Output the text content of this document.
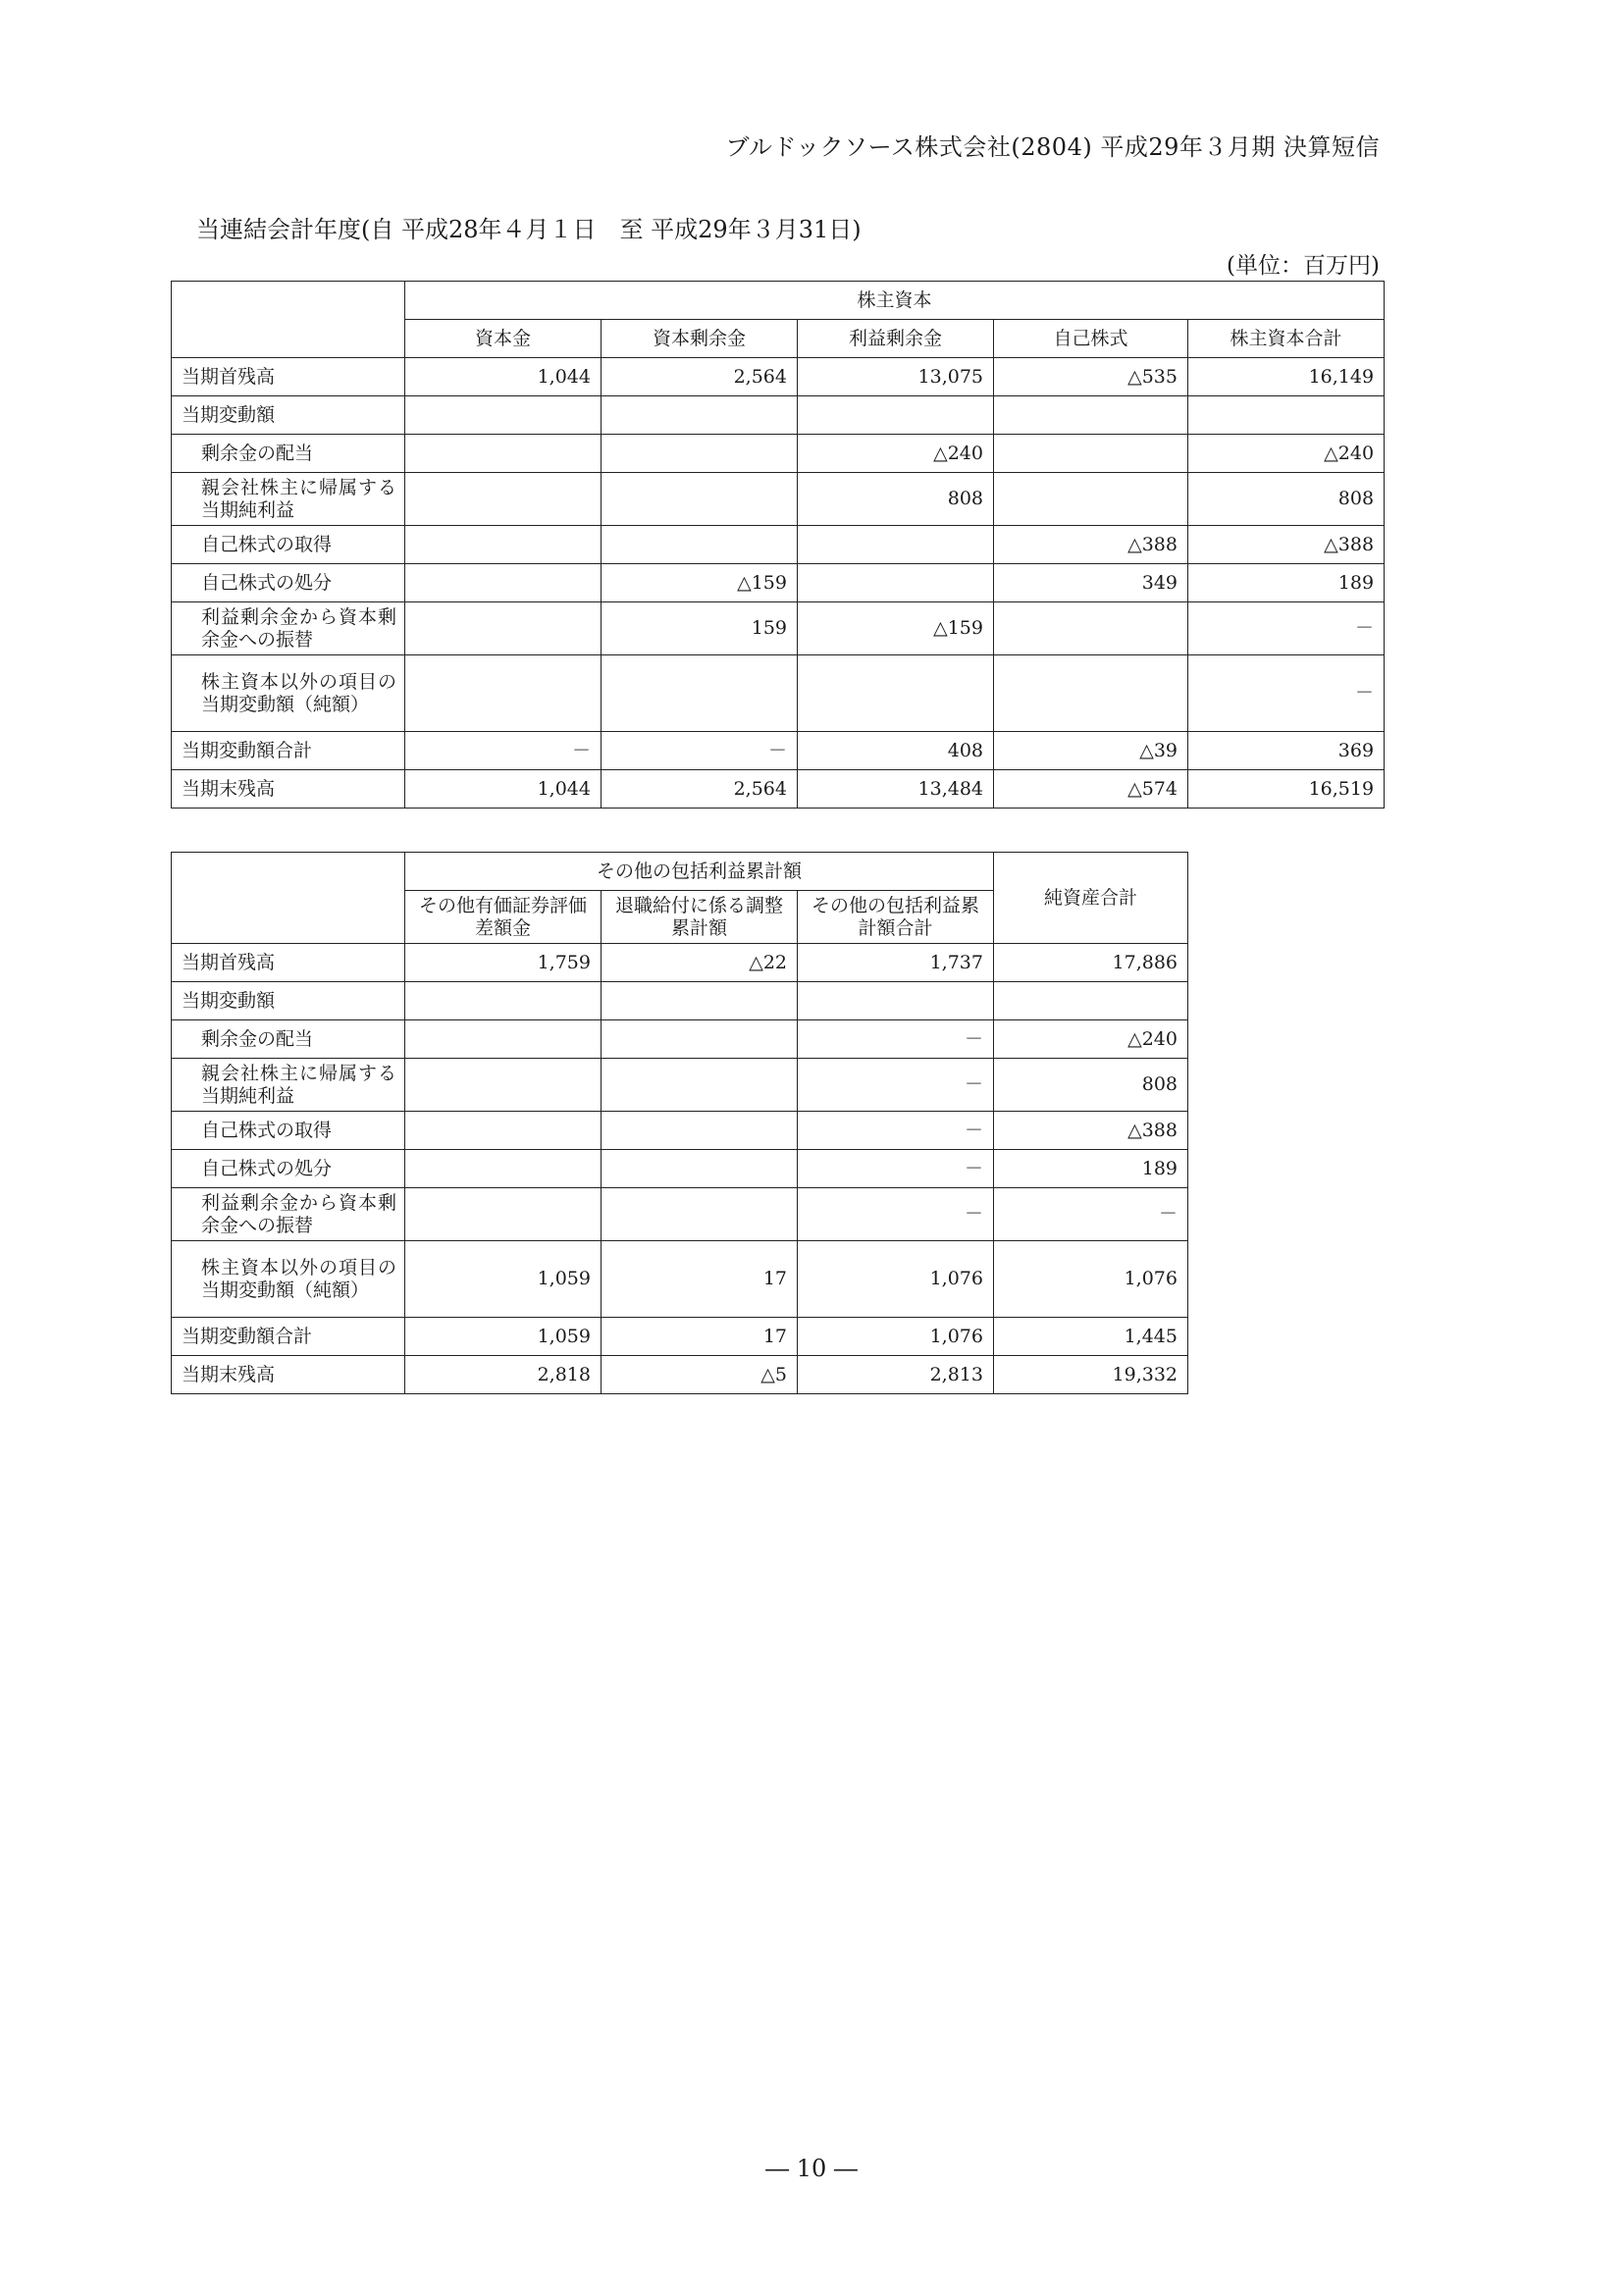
ブルドックソース株式会社(2804) 平成29年３月期 決算短信
当連結会計年度(自 平成28年４月１日　至 平成29年３月31日)
(単位：百万円)
	株主資本				
	資本金	資本剰余金	利益剰余金	自己株式	株主資本合計
当期首残高	1,044	2,564	13,075	△535	16,149
当期変動額					

剰余金の配当			△240		△240

親会社株主に帰属する当期純利益			808		808

自己株式の取得				△388	△388

自己株式の処分		△159		349	189

利益剰余金から資本剰余金への振替		159	△159		－

株主資本以外の項目の当期変動額（純額）					－
当期変動額合計	－	－	408	△39	369
当期末残高	1,044	2,564	13,484	△574	16,519
	その他の包括利益累計額			純資産合計
	その他有価証券評価差額金	退職給付に係る調整累計額	その他の包括利益累計額合計	
当期首残高	1,759	△22	1,737	17,886
当期変動額				

剰余金の配当			－	△240

親会社株主に帰属する当期純利益			－	808

自己株式の取得			－	△388

自己株式の処分			－	189

利益剰余金から資本剰余金への振替			－	－

株主資本以外の項目の当期変動額（純額）	1,059	17	1,076	1,076
当期変動額合計	1,059	17	1,076	1,445
当期末残高	2,818	△5	2,813	19,332
― 10 ―
